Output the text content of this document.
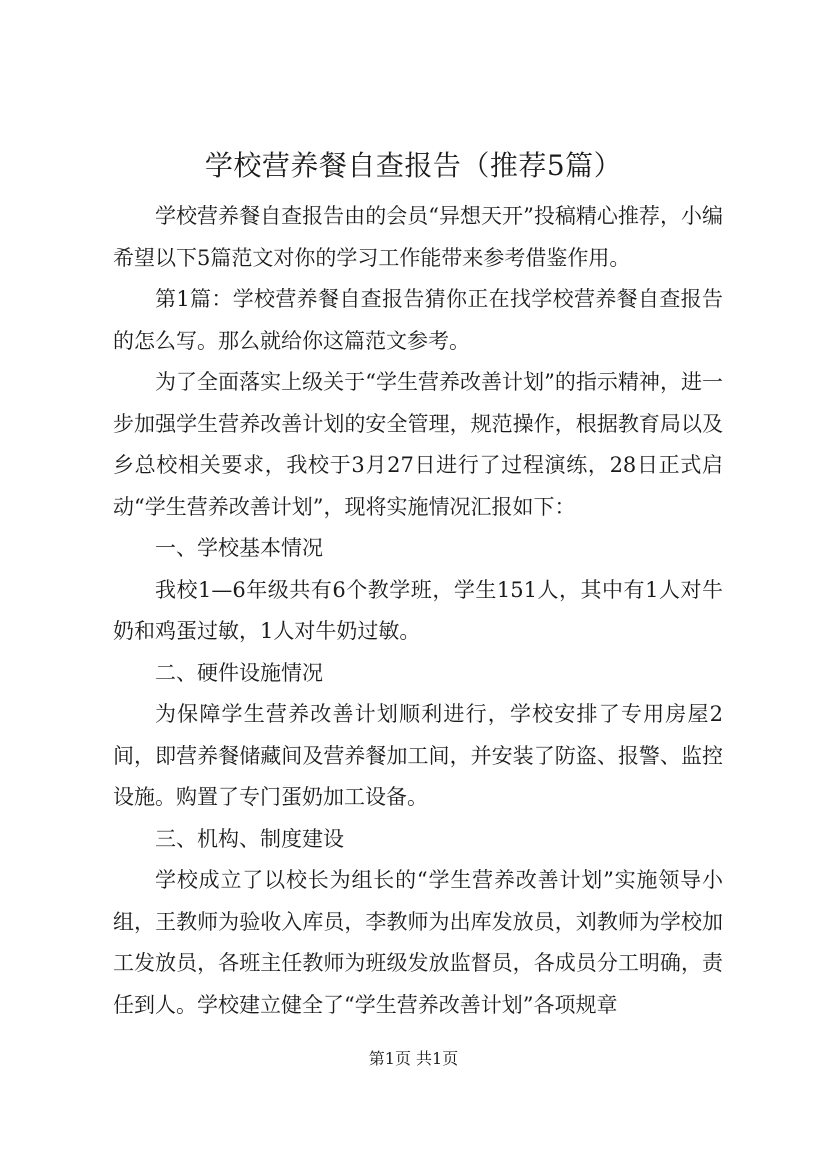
学校营养餐自查报告（推荐5篇）

学校营养餐自查报告由的会员“异想天开”投稿精心推荐，小编希望以下5篇范文对你的学习工作能带来参考借鉴作用。

第1篇：学校营养餐自查报告猜你正在找学校营养餐自查报告的怎么写。那么就给你这篇范文参考。

为了全面落实上级关于“学生营养改善计划”的指示精神，进一步加强学生营养改善计划的安全管理，规范操作，根据教育局以及乡总校相关要求，我校于3月27日进行了过程演练，28日正式启动“学生营养改善计划”，现将实施情况汇报如下：

一、学校基本情况

我校1—6年级共有6个教学班，学生151人，其中有1人对牛奶和鸡蛋过敏，1人对牛奶过敏。

二、硬件设施情况

为保障学生营养改善计划顺利进行，学校安排了专用房屋2间，即营养餐储藏间及营养餐加工间，并安装了防盗、报警、监控设施。购置了专门蛋奶加工设备。

三、机构、制度建设

学校成立了以校长为组长的“学生营养改善计划”实施领导小组，王教师为验收入库员，李教师为出库发放员，刘教师为学校加工发放员，各班主任教师为班级发放监督员，各成员分工明确，责任到人。学校建立健全了“学生营养改善计划”各项规章

第1页 共1页
